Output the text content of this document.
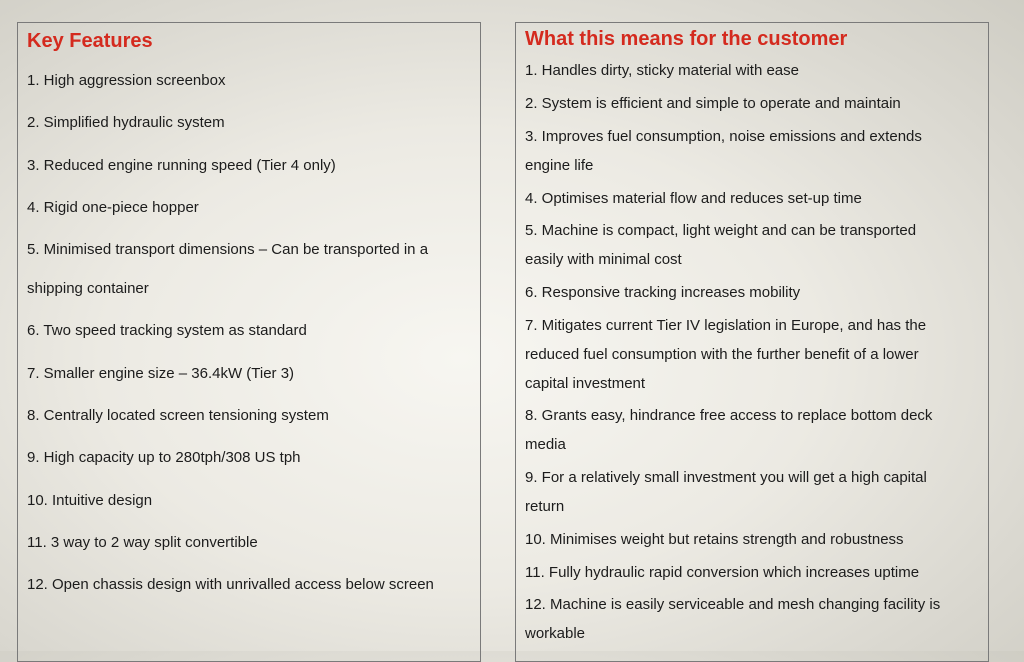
Key Features
1. High aggression screenbox
2. Simplified hydraulic system
3. Reduced engine running speed (Tier 4 only)
4. Rigid one-piece hopper
5. Minimised transport dimensions – Can be transported in a
shipping container
6. Two speed tracking system as standard
7. Smaller engine size – 36.4kW (Tier 3)
8. Centrally located screen tensioning system
9. High capacity up to 280tph/308 US tph
10. Intuitive design
11. 3 way to 2 way split convertible
12. Open chassis design with unrivalled access below screen
What this means for the customer
1. Handles dirty, sticky material with ease
2. System is efficient and simple to operate and maintain
3. Improves fuel consumption, noise emissions and extends
engine life
4. Optimises material flow and reduces set-up time
5. Machine is compact, light weight and can be transported
easily with minimal cost
6. Responsive tracking increases mobility
7. Mitigates current Tier IV legislation in Europe, and has the
reduced fuel consumption with the further benefit of a lower
capital investment
8. Grants easy, hindrance free access to replace bottom deck
media
9. For a relatively small investment you will get a high capital
return
10. Minimises weight but retains strength and robustness
11. Fully hydraulic rapid conversion which increases uptime
12. Machine is easily serviceable and mesh changing facility is
workable
